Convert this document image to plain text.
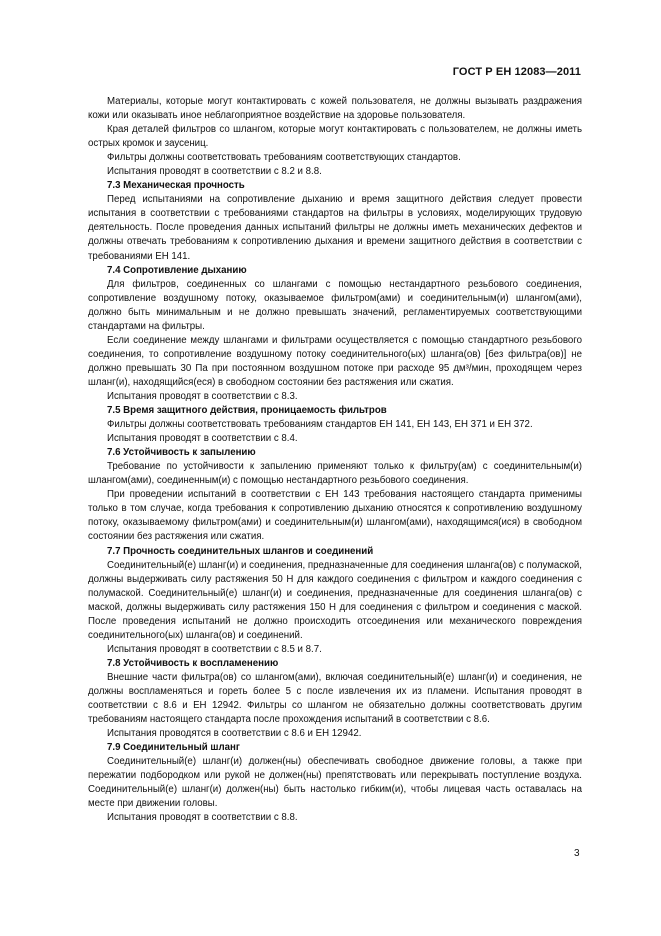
ГОСТ Р ЕН 12083—2011

Материалы, которые могут контактировать с кожей пользователя, не должны вызывать раздражения кожи или оказывать иное неблагоприятное воздействие на здоровье пользователя.

Края деталей фильтров со шлангом, которые могут контактировать с пользователем, не должны иметь острых кромок и заусениц.

Фильтры должны соответствовать требованиям соответствующих стандартов.

Испытания проводят в соответствии с 8.2 и 8.8.

7.3 Механическая прочность

Перед испытаниями на сопротивление дыханию и время защитного действия следует провести испытания в соответствии с требованиями стандартов на фильтры в условиях, моделирующих трудовую деятельность. После проведения данных испытаний фильтры не должны иметь механических дефектов и должны отвечать требованиям к сопротивлению дыхания и времени защитного действия в соответствии с требованиями ЕН 141.

7.4 Сопротивление дыханию

Для фильтров, соединенных со шлангами с помощью нестандартного резьбового соединения, сопротивление воздушному потоку, оказываемое фильтром(ами) и соединительным(и) шлангом(ами), должно быть минимальным и не должно превышать значений, регламентируемых соответствующими стандартами на фильтры.

Если соединение между шлангами и фильтрами осуществляется с помощью стандартного резьбового соединения, то сопротивление воздушному потоку соединительного(ых) шланга(ов) [без фильтра(ов)] не должно превышать 30 Па при постоянном воздушном потоке при расходе 95 дм³/мин, проходящем через шланг(и), находящийся(еся) в свободном состоянии без растяжения или сжатия.

Испытания проводят в соответствии с 8.3.

7.5 Время защитного действия, проницаемость фильтров

Фильтры должны соответствовать требованиям стандартов ЕН 141, ЕН 143, ЕН 371 и ЕН 372.

Испытания проводят в соответствии с 8.4.

7.6 Устойчивость к запылению

Требование по устойчивости к запылению применяют только к фильтру(ам) с соединительным(и) шлангом(ами), соединенным(и) с помощью нестандартного резьбового соединения.

При проведении испытаний в соответствии с ЕН 143 требования настоящего стандарта применимы только в том случае, когда требования к сопротивлению дыханию относятся к сопротивлению воздушному потоку, оказываемому фильтром(ами) и соединительным(и) шлангом(ами), находящимся(ися) в свободном состоянии без растяжения или сжатия.

7.7 Прочность соединительных шлангов и соединений

Соединительный(е) шланг(и) и соединения, предназначенные для соединения шланга(ов) с полумаской, должны выдерживать силу растяжения 50 Н для каждого соединения с фильтром и каждого соединения с полумаской. Соединительный(е) шланг(и) и соединения, предназначенные для соединения шланга(ов) с маской, должны выдерживать силу растяжения 150 Н для соединения с фильтром и соединения с маской. После проведения испытаний не должно происходить отсоединения или механического повреждения соединительного(ых) шланга(ов) и соединений.

Испытания проводят в соответствии с 8.5 и 8.7.

7.8 Устойчивость к воспламенению

Внешние части фильтра(ов) со шлангом(ами), включая соединительный(е) шланг(и) и соединения, не должны воспламеняться и гореть более 5 с после извлечения их из пламени. Испытания проводят в соответствии с 8.6 и ЕН 12942. Фильтры со шлангом не обязательно должны соответствовать другим требованиям настоящего стандарта после прохождения испытаний в соответствии с 8.6.

Испытания проводятся в соответствии с 8.6 и ЕН 12942.

7.9 Соединительный шланг

Соединительный(е) шланг(и) должен(ны) обеспечивать свободное движение головы, а также при пережатии подбородком или рукой не должен(ны) препятствовать или перекрывать поступление воздуха. Соединительный(е) шланг(и) должен(ны) быть настолько гибким(и), чтобы лицевая часть оставалась на месте при движении головы.

Испытания проводят в соответствии с 8.8.

3
